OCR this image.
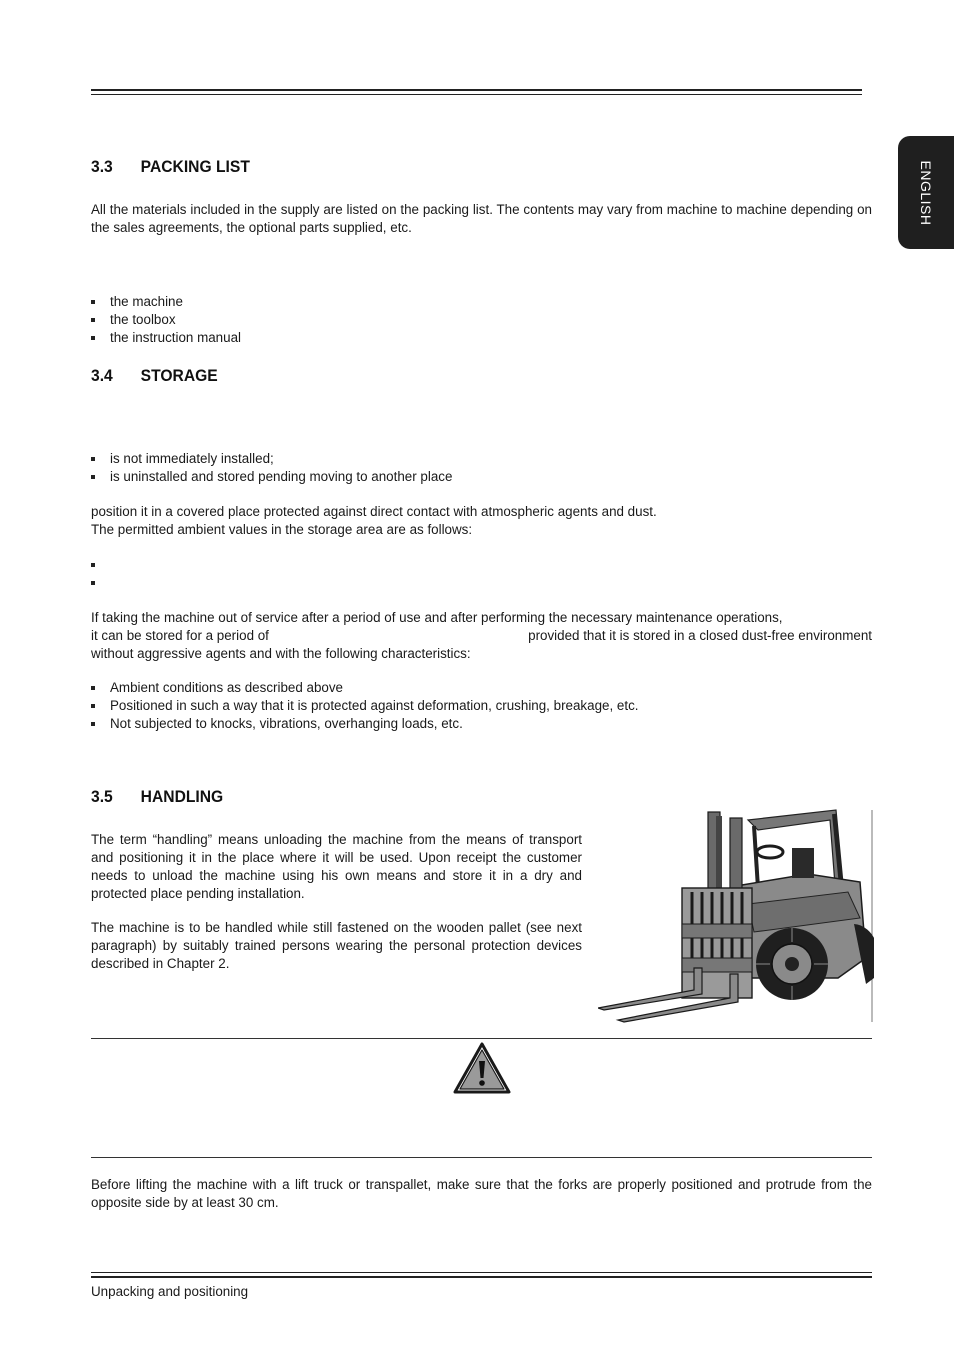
ENGLISH
3.3 PACKING LIST
All the materials included in the supply are listed on the packing list. The contents may vary from machine to machine depending on the sales agreements, the optional parts supplied, etc.
the machine
the toolbox
the instruction manual
3.4 STORAGE
is not immediately installed;
is uninstalled and stored pending moving to another place
position it in a covered place protected against direct contact with atmospheric agents and dust.
The permitted ambient values in the storage area are as follows:
If taking the machine out of service after a period of use and after performing the necessary maintenance operations,
it can be stored for a period of	provided that it is stored in a closed dust-free environment
without aggressive agents and with the following characteristics:
Ambient conditions as described above
Positioned in such a way that it is protected against deformation, crushing, breakage, etc.
Not subjected to knocks, vibrations, overhanging loads, etc.
3.5 HANDLING
The term “handling” means unloading the machine from the means of transport and positioning it in the place where it will be used. Upon receipt the customer needs to unload the machine using his own means and store it in a dry and protected place pending installation.
The machine is to be handled while still fastened on the wooden pallet (see next paragraph) by suitably trained persons wearing the personal protection devices described in Chapter 2.
Before lifting the machine with a lift truck or transpallet, make sure that the forks are properly positioned and protrude from the opposite side by at least 30 cm.
Unpacking and positioning
